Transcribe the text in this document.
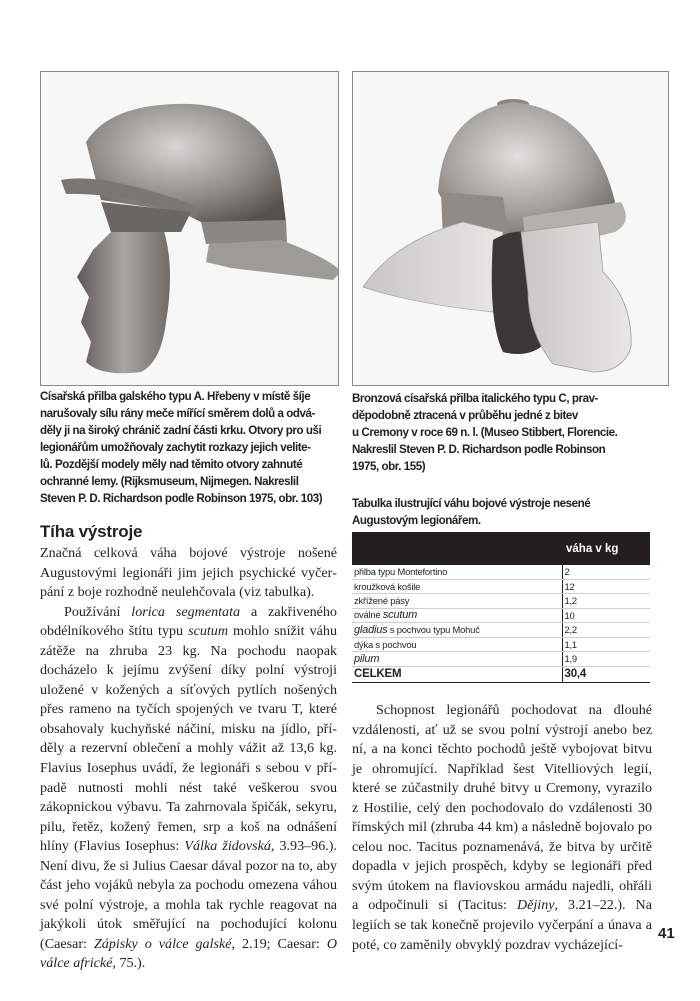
Císařská přilba galského typu A. Hřebeny v místě šíje
narušovaly sílu rány meče mířící směrem dolů a odvá-
děly ji na široký chránič zadní části krku. Otvory pro uši
legionářům umožňovaly zachytit rozkazy jejich velite-
lů. Pozdější modely měly nad těmito otvory zahnuté
ochranné lemy. (Rijksmuseum, Nijmegen. Nakreslil
Steven P. D. Richardson podle Robinson 1975, obr. 103)
Bronzová císařská přilba italického typu C, prav-
děpodobně ztracená v průběhu jedné z bitev
u Cremony v roce 69 n. l. (Museo Stibbert, Florencie.
Nakreslil Steven P. D. Richardson podle Robinson
1975, obr. 155)
Tíha výstroje

Značná celková váha bojové výstroje nošené Augustovými legionáři jim jejich psychické vyčerpání z boje rozhodně neulehčovala (viz tabulka).

Používání lorica segmentata a zakřiveného obdélníkového štítu typu scutum mohlo snížit váhu zátěže na zhruba 23 kg. Na pochodu naopak docházelo k jejímu zvýšení díky polní výstroji uložené v kožených a síťových pytlích nošených přes rameno na tyčích spojených ve tvaru T, které obsahovaly kuchyňské náčiní, misku na jídlo, příděly a rezervní oblečení a mohly vážit až 13,6 kg. Flavius Iosephus uvádí, že legionáři s sebou v případě nutnosti mohli nést také veškerou svou zákopnickou výbavu. Ta zahrnovala špičák, sekyru, pilu, řetěz, kožený řemen, srp a koš na odnášení hlíny (Flavius Iosephus: Válka židovská, 3.93–96.). Není divu, že si Julius Caesar dával pozor na to, aby část jeho vojáků nebyla za pochodu omezena váhou své polní výstroje, a mohla tak rychle reagovat na jakýkoli útok směřující na pochodující kolonu (Caesar: Zápisky o válce galské, 2.19; Caesar: O válce africké, 75.).

Tabulka ilustrující váhu bojové výstroje nesené
Augustovým legionářem.
	váha v kg
přilba typu Montefortino	2
kroužková košile	12
zkřížené pásy	1,2
oválné scutum	10
gladius s pochvou typu Mohuč	2,2
dýka s pochvou	1,1
pilum	1,9
CELKEM	30,4

Schopnost legionářů pochodovat na dlouhé vzdálenosti, ať už se svou polní výstrojí anebo bez ní, a na konci těchto pochodů ještě vybojovat bitvu je ohromující. Například šest Vitelliových legií, které se zúčastnily druhé bitvy u Cremony, vyrazilo z Hostilie, celý den pochodovalo do vzdálenosti 30 římských mil (zhruba 44 km) a následně bojovalo po celou noc. Tacitus poznamenává, že bitva by určitě dopadla v jejich prospěch, kdyby se legionáři před svým útokem na flaviovskou armádu najedli, ohřáli a odpočinuli si (Tacitus: Dějiny, 3.21–22.). Na legiích se tak konečně projevilo vyčerpání a únava a poté, co zaměnily obvyklý pozdrav vycházející-

41
